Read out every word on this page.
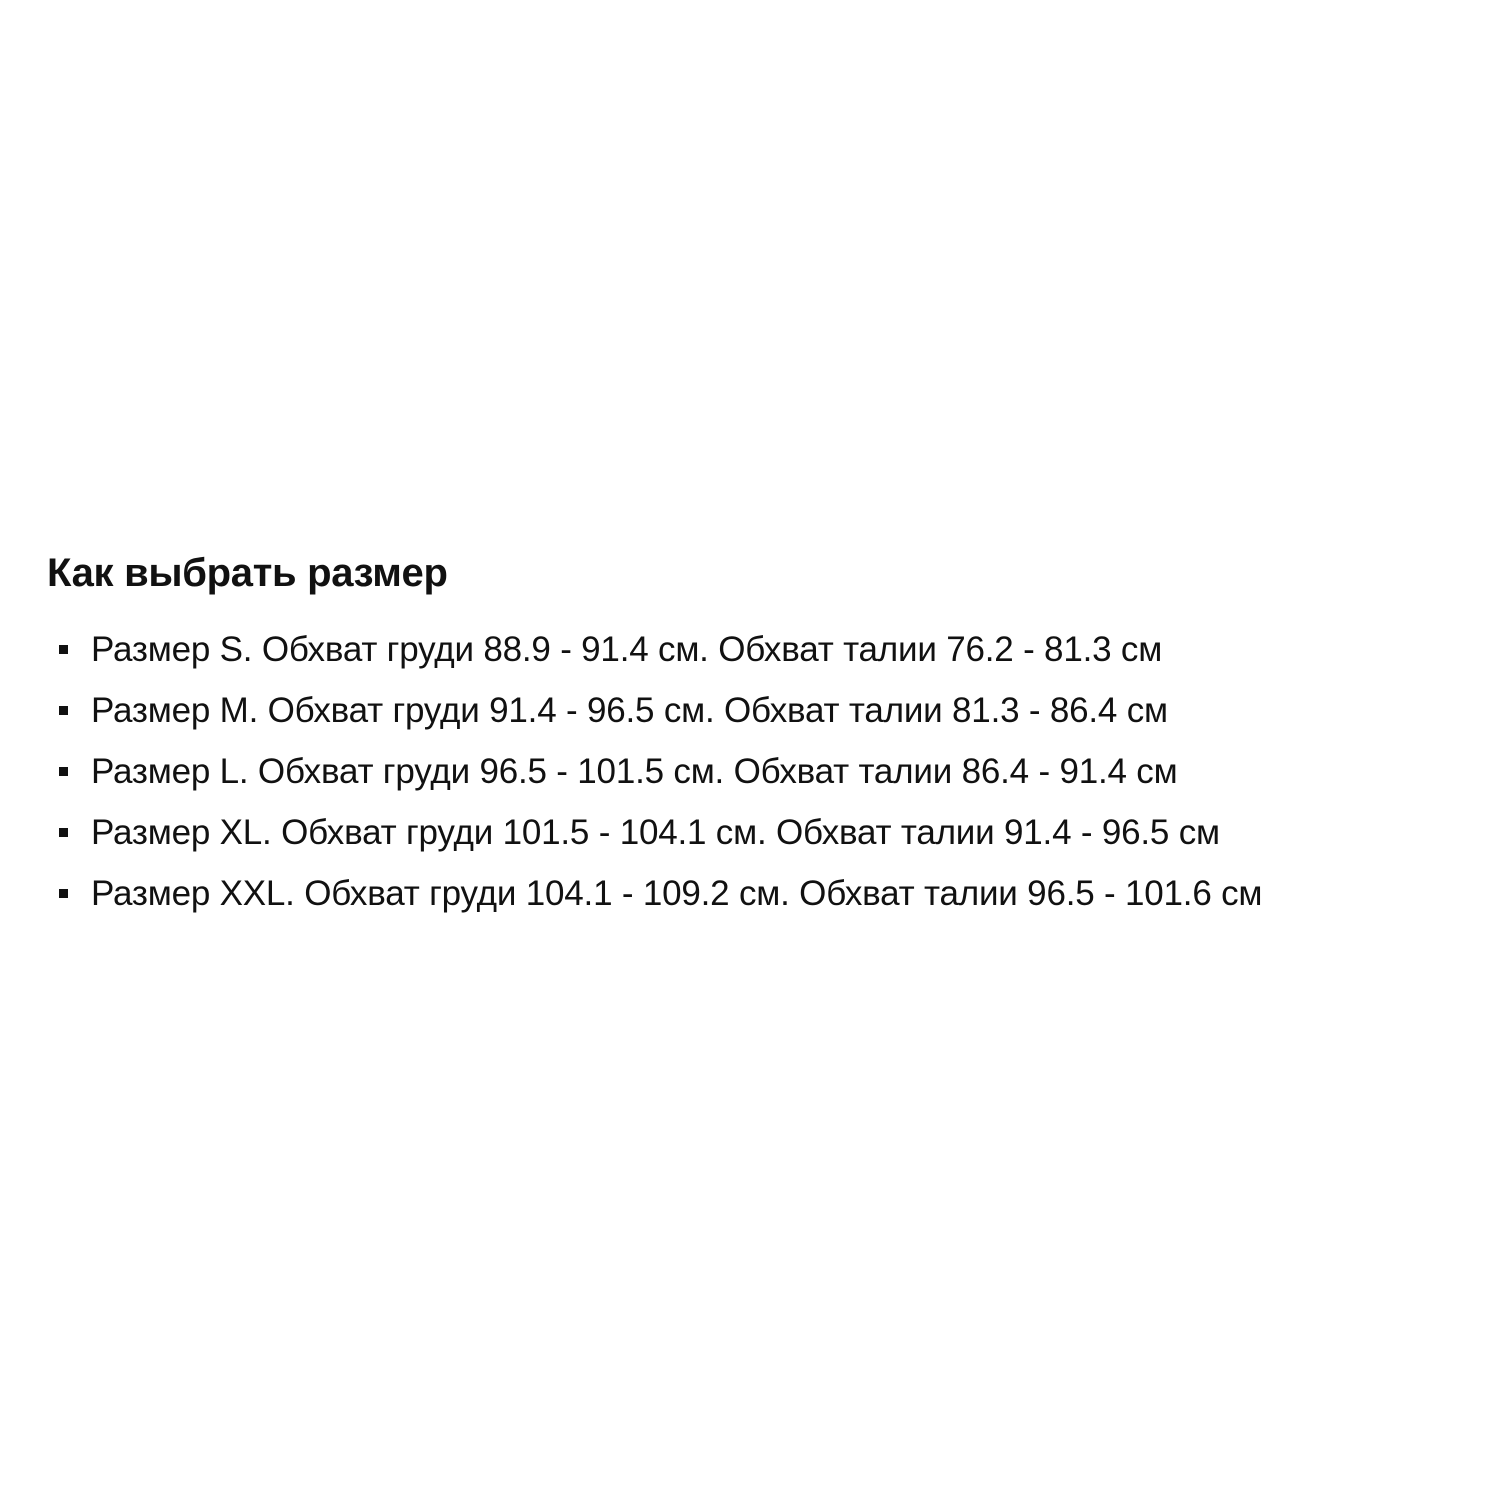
Как выбрать размер
Размер S. Обхват груди 88.9 - 91.4 см. Обхват талии 76.2 - 81.3 см
Размер M. Обхват груди 91.4 - 96.5 см. Обхват талии 81.3 - 86.4 см
Размер L. Обхват груди 96.5 - 101.5 см. Обхват талии 86.4 - 91.4 см
Размер XL. Обхват груди 101.5 - 104.1 см. Обхват талии 91.4 - 96.5 см
Размер XXL. Обхват груди 104.1 - 109.2 см. Обхват талии 96.5 - 101.6 см
